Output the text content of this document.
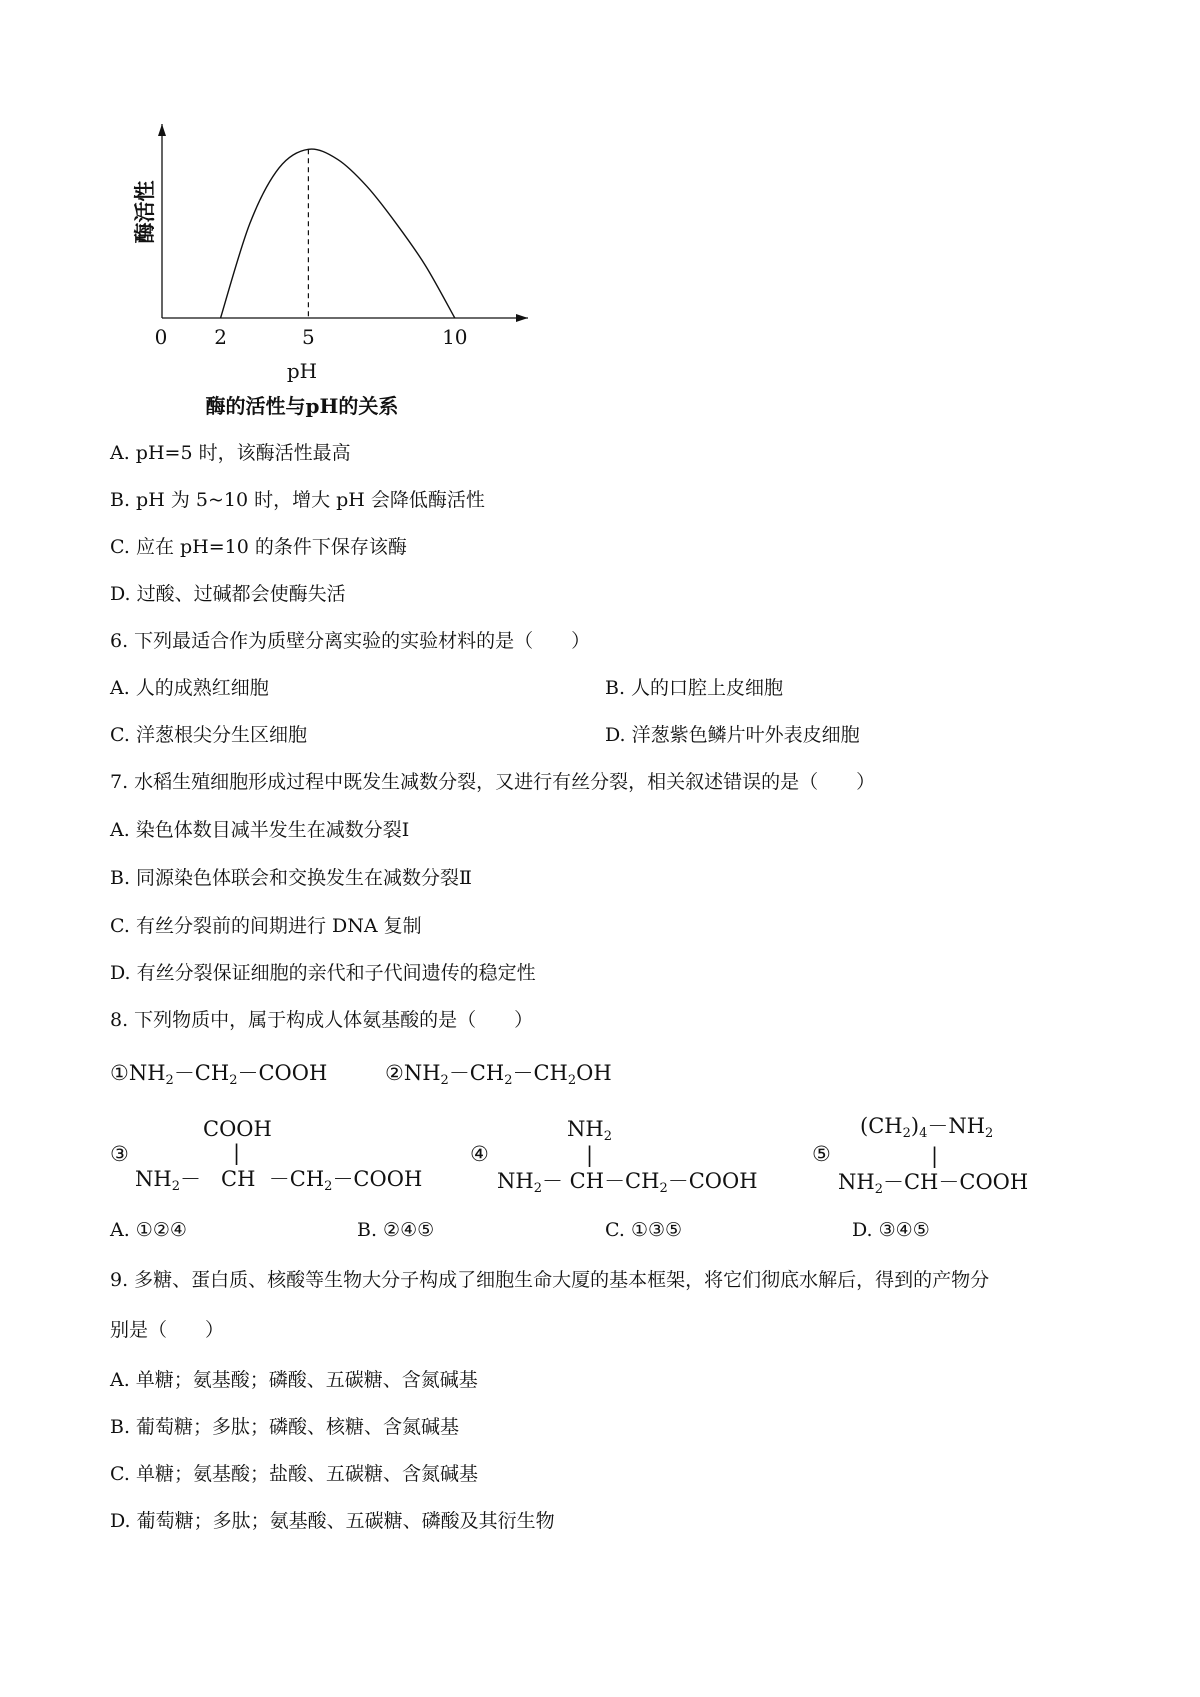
0 2	5	10
酶活性
pH
酶的活性与pH的关系
A. pH=5 时，该酶活性最高
B. pH 为 5~10 时，增大 pH 会降低酶活性
C. 应在 pH=10 的条件下保存该酶
D. 过酸、过碱都会使酶失活
6. 下列最适合作为质壁分离实验的实验材料的是（　　）
A. 人的成熟红细胞	B. 人的口腔上皮细胞
C. 洋葱根尖分生区细胞	D. 洋葱紫色鳞片叶外表皮细胞
7. 水稻生殖细胞形成过程中既发生减数分裂，又进行有丝分裂，相关叙述错误的是（　　）
A. 染色体数目减半发生在减数分裂Ⅰ
B. 同源染色体联会和交换发生在减数分裂Ⅱ
C. 有丝分裂前的间期进行 DNA 复制
D. 有丝分裂保证细胞的亲代和子代间遗传的稳定性
8. 下列物质中，属于构成人体氨基酸的是（　　）
$①NH_2-CH_2-COOH$	$②NH_2-CH_2-CH_2OH$
③
COOH
|
$NH_2-$ CH $-CH_2-COOH$
④
$NH_2$
|
$NH_2-$ $CH-CH_2-COOH$
⑤
$(CH_2)_4-NH_2$
|
$NH_2-CH-COOH$
A. ①②④	B. ②④⑤	C. ①③⑤	D. ③④⑤
9. 多糖、蛋白质、核酸等生物大分子构成了细胞生命大厦的基本框架，将它们彻底水解后，得到的产物分
别是（　　）
A. 单糖；氨基酸；磷酸、五碳糖、含氮碱基
B. 葡萄糖；多肽；磷酸、核糖、含氮碱基
C. 单糖；氨基酸；盐酸、五碳糖、含氮碱基
D. 葡萄糖；多肽；氨基酸、五碳糖、磷酸及其衍生物
